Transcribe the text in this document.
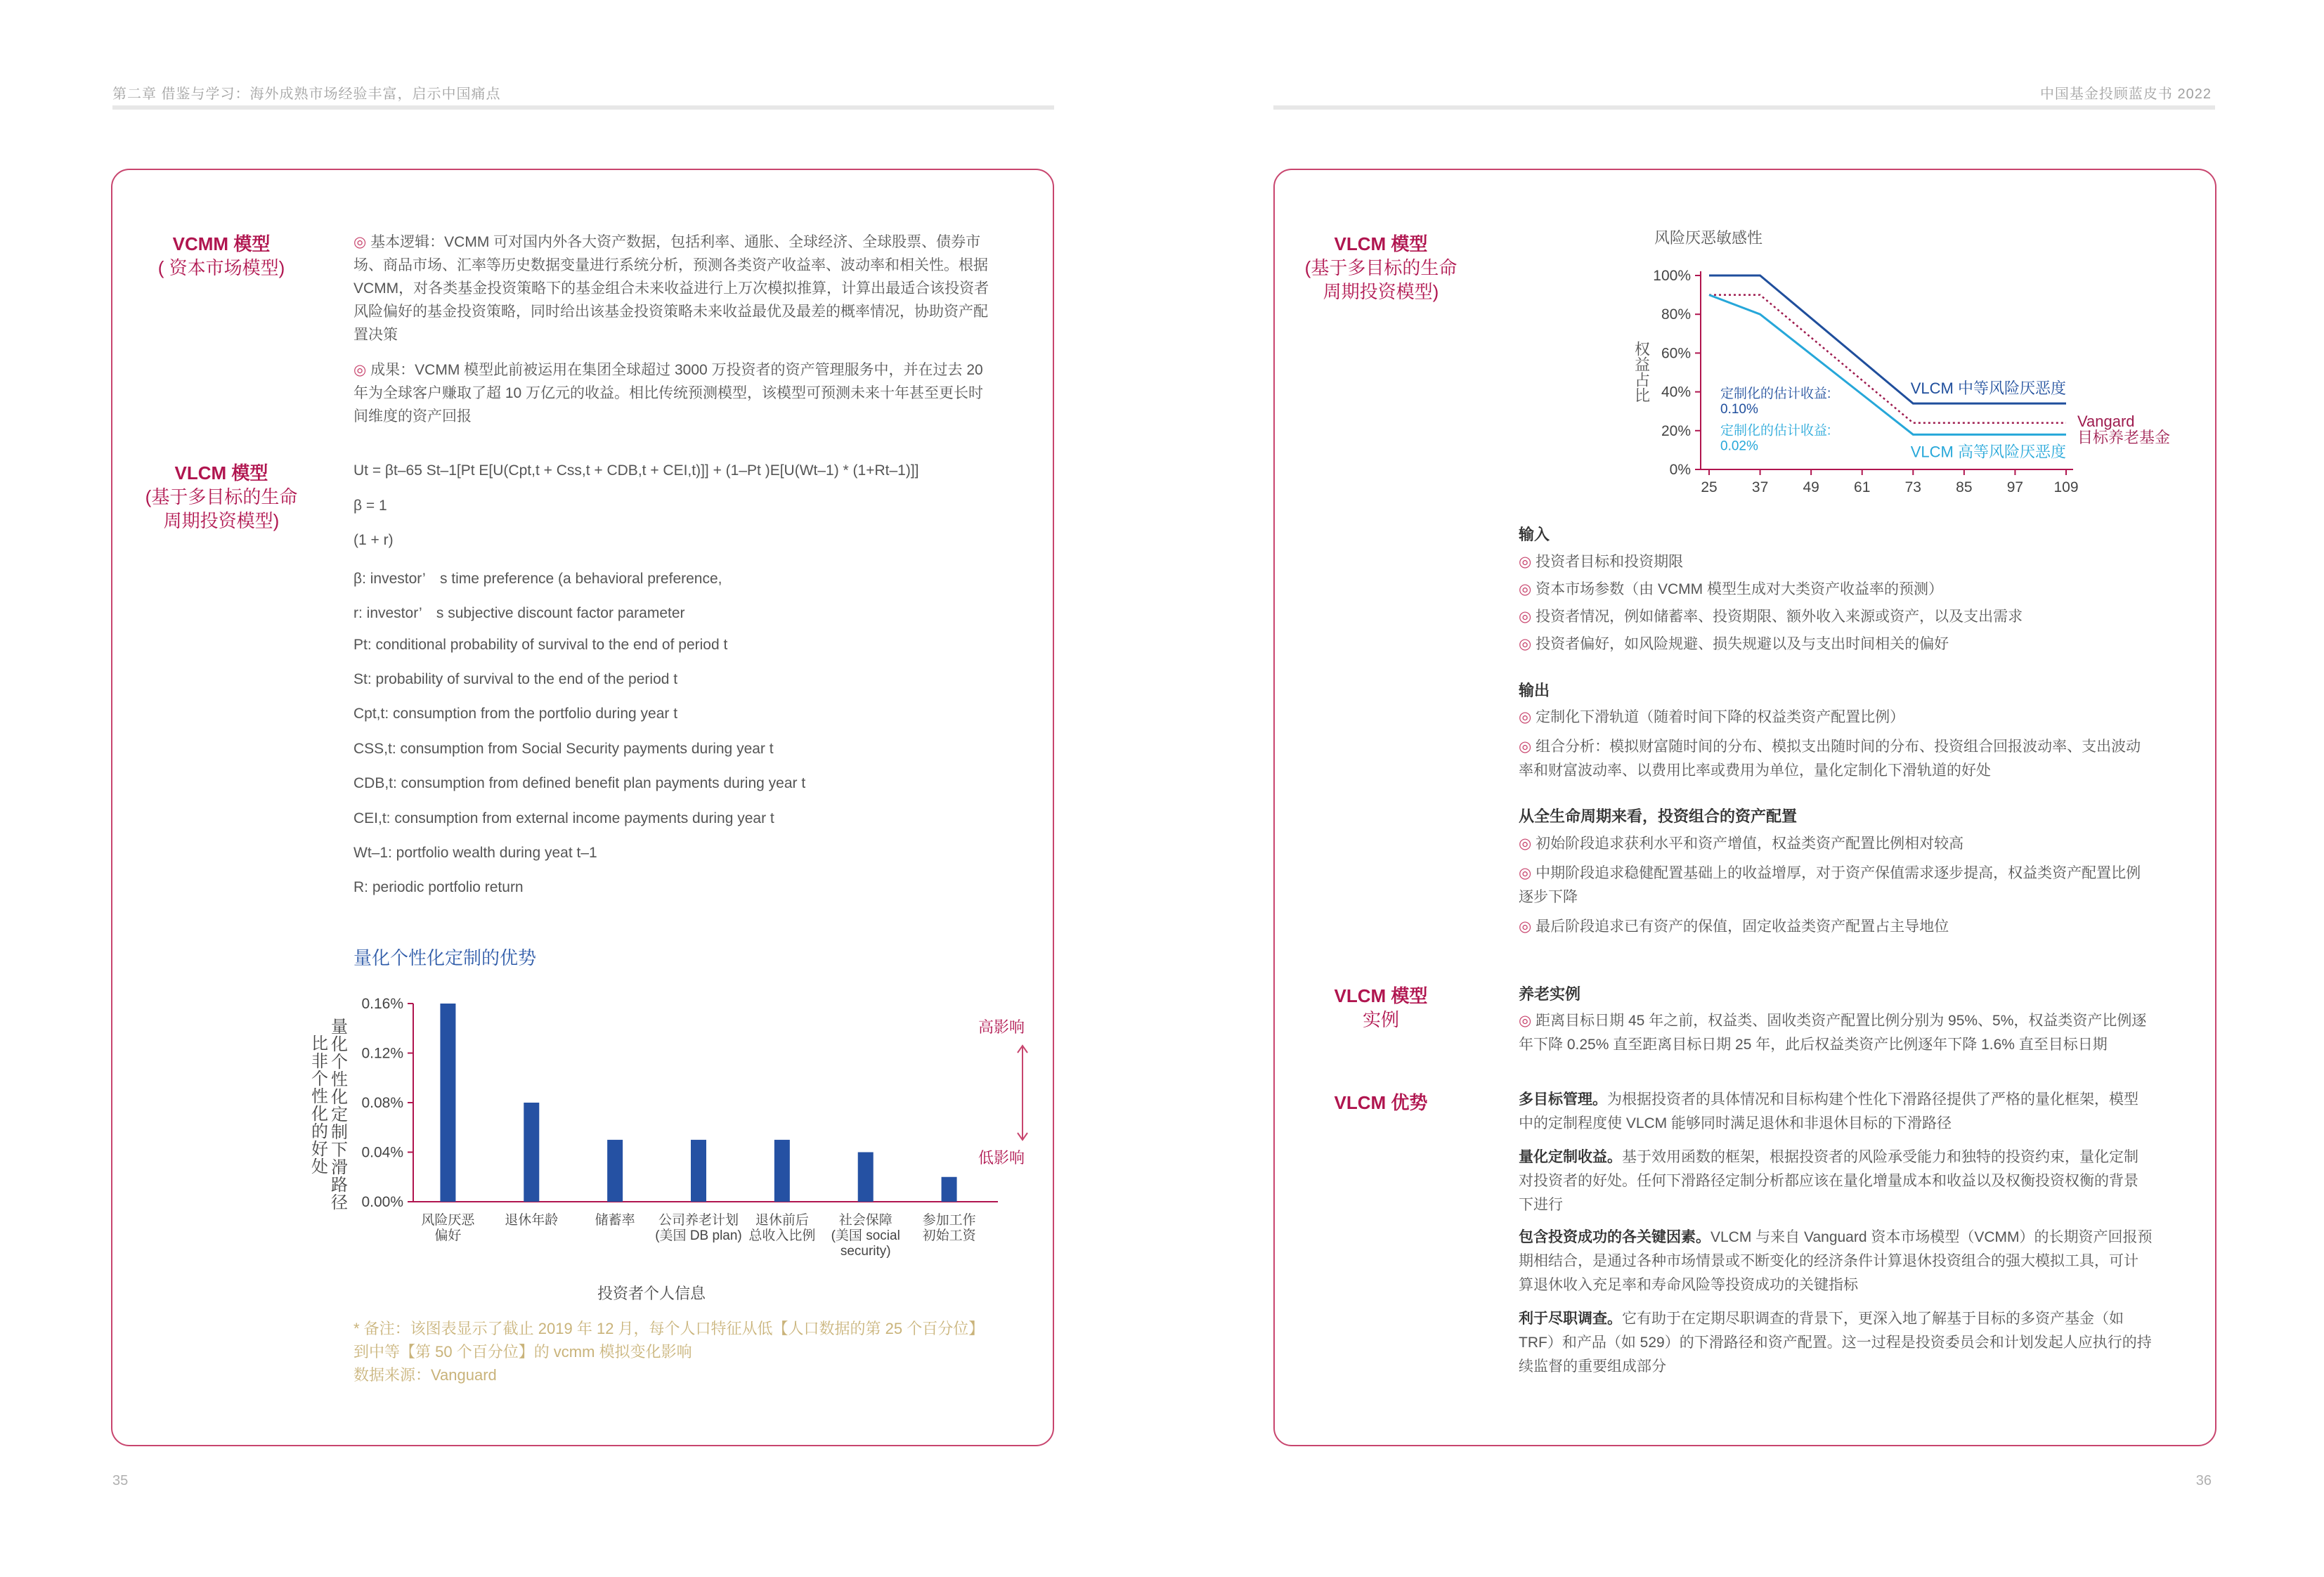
第二章 借鉴与学习：海外成熟市场经验丰富，启示中国痛点	中国基金投顾蓝皮书 2022
VCMM 模型
( 资本市场模型)
◎ 基本逻辑：VCMM 可对国内外各大资产数据，包括利率、通胀、全球经济、全球股票、债券市
场、商品市场、汇率等历史数据变量进行系统分析，预测各类资产收益率、波动率和相关性。根据
VCMM，对各类基金投资策略下的基金组合未来收益进行上万次模拟推算，计算出最适合该投资者
风险偏好的基金投资策略，同时给出该基金投资策略未来收益最优及最差的概率情况，协助资产配
置决策
◎ 成果：VCMM 模型此前被运用在集团全球超过 3000 万投资者的资产管理服务中，并在过去 20
年为全球客户赚取了超 10 万亿元的收益。相比传统预测模型，该模型可预测未来十年甚至更长时
间维度的资产回报
VLCM 模型
(基于多目标的生命
周期投资模型)
Ut = βt–65 St–1[Pt E[U(Cpt,t + Css,t + CDB,t + CEI,t)]] + (1–Pt )E[U(Wt–1) * (1+Rt–1)]]
β = 1
(1 + r)
β: investor’　s time preference (a behavioral preference,
r: investor’　s subjective discount factor parameter
Pt: conditional probability of survival to the end of period t
St: probability of survival to the end of the period t
Cpt,t: consumption from the portfolio during year t
CSS,t: consumption from Social Security payments during year t
CDB,t: consumption from defined benefit plan payments during year t
CEI,t: consumption from external income payments during year t
Wt–1: portfolio wealth during yeat t–1
R: periodic portfolio return
量化个性化定制的优势
量化个性化定制下滑路径
比非个性化的好处
0.00%
0.04%
0.08%
0.12%
0.16%
风险厌恶
偏好
退休年龄	储蓄率 公司养老计划
(美国 DB plan)
退休前后
总收入比例
社会保障
(美国 social
security)
参加工作
初始工资
投资者个人信息
高影响
低影响
* 备注：该图表显示了截止 2019 年 12 月，每个人口特征从低【人口数据的第 25 个百分位】
到中等【第 50 个百分位】的 vcmm 模拟变化影响
数据来源：Vanguard
35
VLCM 模型
(基于多目标的生命
周期投资模型)
风险厌恶敏感性
权益占比
0%
20%
40%
60%
80%
100%
25 37 49 61 73 85 97 109
VLCM 中等风险厌恶度
Vangard
目标养老基金
VLCM 高等风险厌恶度
定制化的估计收益:
0.10%
定制化的估计收益:
0.02%
输入
◎ 投资者目标和投资期限
◎ 资本市场参数（由 VCMM 模型生成对大类资产收益率的预测）
◎ 投资者情况，例如储蓄率、投资期限、额外收入来源或资产，以及支出需求
◎ 投资者偏好，如风险规避、损失规避以及与支出时间相关的偏好
输出
◎ 定制化下滑轨道（随着时间下降的权益类资产配置比例）
◎ 组合分析：模拟财富随时间的分布、模拟支出随时间的分布、投资组合回报波动率、支出波动
率和财富波动率、以费用比率或费用为单位，量化定制化下滑轨道的好处
从全生命周期来看，投资组合的资产配置
◎ 初始阶段追求获利水平和资产增值，权益类资产配置比例相对较高
◎ 中期阶段追求稳健配置基础上的收益增厚，对于资产保值需求逐步提高，权益类资产配置比例
逐步下降
◎ 最后阶段追求已有资产的保值，固定收益类资产配置占主导地位
VLCM 模型
实例
养老实例
◎ 距离目标日期 45 年之前，权益类、固收类资产配置比例分别为 95%、5%，权益类资产比例逐
年下降 0.25% 直至距离目标日期 25 年，此后权益类资产比例逐年下降 1.6% 直至目标日期
VLCM 优势	多目标管理。为根据投资者的具体情况和目标构建个性化下滑路径提供了严格的量化框架，模型
中的定制程度使 VLCM 能够同时满足退休和非退休目标的下滑路径
量化定制收益。基于效用函数的框架，根据投资者的风险承受能力和独特的投资约束，量化定制
对投资者的好处。任何下滑路径定制分析都应该在量化增量成本和收益以及权衡投资权衡的背景
下进行
包含投资成功的各关键因素。VLCM 与来自 Vanguard 资本市场模型（VCMM）的长期资产回报预
期相结合，是通过各种市场情景或不断变化的经济条件计算退休投资组合的强大模拟工具，可计
算退休收入充足率和寿命风险等投资成功的关键指标
利于尽职调查。它有助于在定期尽职调查的背景下，更深入地了解基于目标的多资产基金（如
TRF）和产品（如 529）的下滑路径和资产配置。这一过程是投资委员会和计划发起人应执行的持
续监督的重要组成部分
36
